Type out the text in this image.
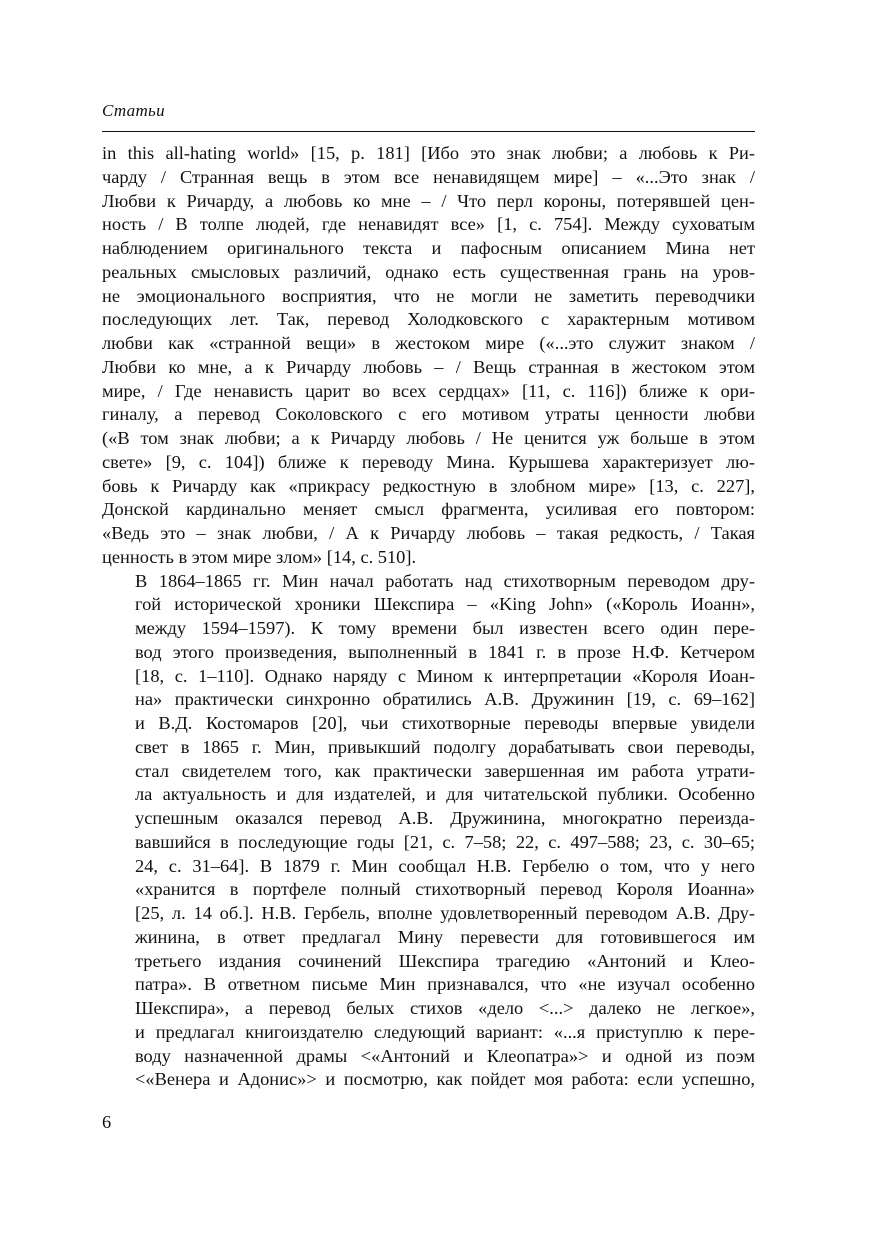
Статьи

in this all-hating world» [15, p. 181] [Ибо это знак любви; а любовь к Ри-
чарду / Странная вещь в этом все ненавидящем мире] – «...Это знак /
Любви к Ричарду, а любовь ко мне – / Что перл короны, потерявшей цен-
ность / В толпе людей, где ненавидят все» [1, с. 754]. Между суховатым
наблюдением оригинального текста и пафосным описанием Мина нет
реальных смысловых различий, однако есть существенная грань на уров-
не эмоционального восприятия, что не могли не заметить переводчики
последующих лет. Так, перевод Холодковского с характерным мотивом
любви как «странной вещи» в жестоком мире («...это служит знаком /
Любви ко мне, а к Ричарду любовь – / Вещь странная в жестоком этом
мире, / Где ненависть царит во всех сердцах» [11, с. 116]) ближе к ори-
гиналу, а перевод Соколовского с его мотивом утраты ценности любви
(«В том знак любви; а к Ричарду любовь / Не ценится уж больше в этом
свете» [9, с. 104]) ближе к переводу Мина. Курышева характеризует лю-
бовь к Ричарду как «прикрасу редкостную в злобном мире» [13, с. 227],
Донской кардинально меняет смысл фрагмента, усиливая его повтором:
«Ведь это – знак любви, / А к Ричарду любовь – такая редкость, / Такая
ценность в этом мире злом» [14, с. 510].

В 1864–1865 гг. Мин начал работать над стихотворным переводом дру-
гой исторической хроники Шекспира – «King John» («Король Иоанн»,
между 1594–1597). К тому времени был известен всего один пере-
вод этого произведения, выполненный в 1841 г. в прозе Н.Ф. Кетчером
[18, с. 1–110]. Однако наряду с Мином к интерпретации «Короля Иоан-
на» практически синхронно обратились А.В. Дружинин [19, с. 69–162]
и В.Д. Костомаров [20], чьи стихотворные переводы впервые увидели
свет в 1865 г. Мин, привыкший подолгу дорабатывать свои переводы,
стал свидетелем того, как практически завершенная им работа утрати-
ла актуальность и для издателей, и для читательской публики. Особенно
успешным оказался перевод А.В. Дружинина, многократно переизда-
вавшийся в последующие годы [21, с. 7–58; 22, с. 497–588; 23, с. 30–65;
24, с. 31–64]. В 1879 г. Мин сообщал Н.В. Гербелю о том, что у него
«хранится в портфеле полный стихотворный перевод Короля Иоанна»
[25, л. 14 об.]. Н.В. Гербель, вполне удовлетворенный переводом А.В. Дру-
жинина, в ответ предлагал Мину перевести для готовившегося им
третьего издания сочинений Шекспира трагедию «Антоний и Клео-
патра». В ответном письме Мин признавался, что «не изучал особенно
Шекспира», а перевод белых стихов «дело <...> далеко не легкое»,
и предлагал книгоиздателю следующий вариант: «...я приступлю к пере-
воду назначенной драмы <«Антоний и Клеопатра»> и одной из поэм
<«Венера и Адонис»> и посмотрю, как пойдет моя работа: если успешно,

6
